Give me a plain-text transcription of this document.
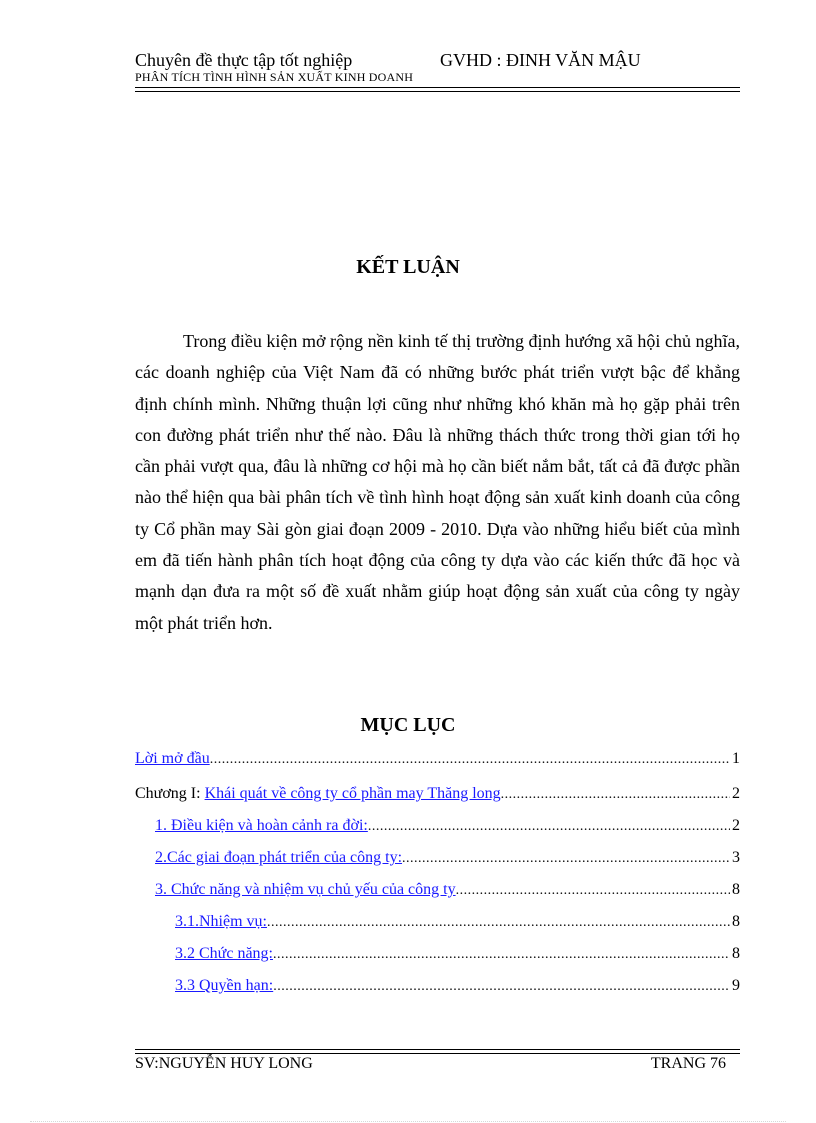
Chuyên đề thực tập tốt nghiệp	GVHD : ĐINH VĂN MẬU
PHÂN TÍCH TÌNH HÌNH SẢN XUẤT KINH DOANH
KẾT LUẬN

Trong điều kiện mở rộng nền kinh tế thị trường định hướng xã hội chủ nghĩa, các doanh nghiệp của Việt Nam đã có những bước phát triển vượt bậc để khẳng định chính mình. Những thuận lợi cũng như những khó khăn mà họ gặp phải trên con đường phát triển như thế nào. Đâu là những thách thức trong thời gian tới họ cần phải vượt qua, đâu là những cơ hội mà họ cần biết nắm bắt, tất cả đã được phần nào thể hiện qua bài phân tích về tình hình hoạt động sản xuất kinh doanh của công ty Cổ phần may Sài gòn giai đoạn 2009 - 2010. Dựa vào những hiểu biết của mình em đã tiến hành phân tích hoạt động của công ty dựa vào các kiến thức đã học và mạnh dạn đưa ra một số đề xuất nhằm giúp hoạt động sản xuất của công ty ngày một phát triển hơn.

MỤC LỤC
Lời mở đầu .....	1
Chương I: Khái quát về công ty cổ phần may Thăng long .....	2
1. Điều kiện và hoàn cảnh ra đời: .....	2
2.Các giai đoạn phát triển của công ty: .....	3
3. Chức năng và nhiệm vụ chủ yếu của công ty .....	8
3.1.Nhiệm vụ: .....	8
3.2 Chức năng: .....	8
3.3 Quyền hạn: .....	9
SV:NGUYỄN HUY LONG	TRANG 76
